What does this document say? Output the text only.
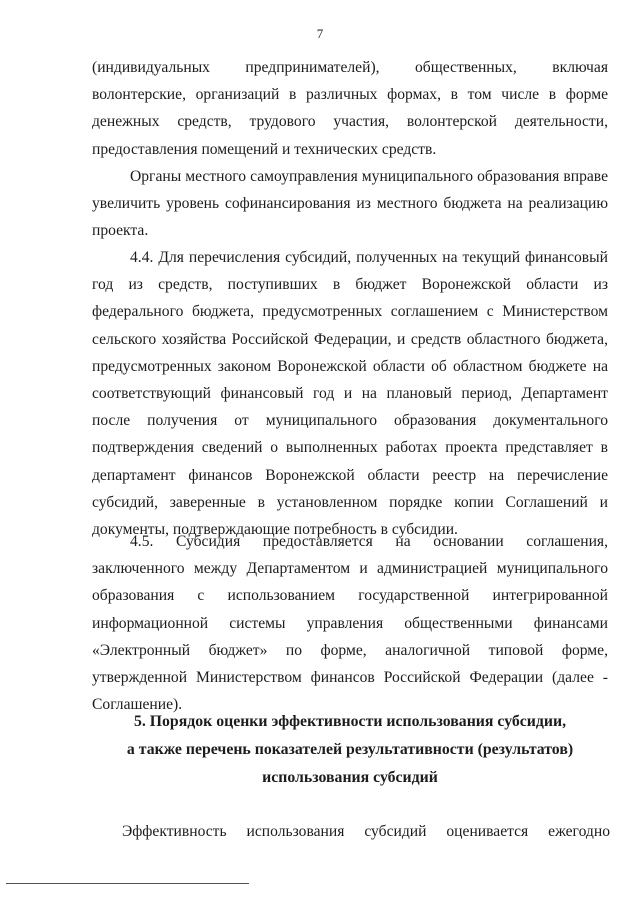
7

(индивидуальных предпринимателей), общественных, включая волонтерские, организаций в различных формах, в том числе в форме денежных средств, трудового участия, волонтерской деятельности, предоставления помещений и технических средств.

Органы местного самоуправления муниципального образования вправе увеличить уровень софинансирования из местного бюджета на реализацию проекта.

4.4. Для перечисления субсидий, полученных на текущий финансовый год из средств, поступивших в бюджет Воронежской области из федерального бюджета, предусмотренных соглашением с Министерством сельского хозяйства Российской Федерации, и средств областного бюджета, предусмотренных законом Воронежской области об областном бюджете на соответствующий финансовый год и на плановый период, Департамент после получения от муниципального образования документального подтверждения сведений о выполненных работах проекта представляет в департамент финансов Воронежской области реестр на перечисление субсидий, заверенные в установленном порядке копии Соглашений и документы, подтверждающие потребность в субсидии.

4.5. Субсидия предоставляется на основании соглашения, заключенного между Департаментом и администрацией муниципального образования с использованием государственной интегрированной информационной системы управления общественными финансами «Электронный бюджет» по форме, аналогичной типовой форме, утвержденной Министерством финансов Российской Федерации (далее - Соглашение).

5. Порядок оценки эффективности использования субсидии,
а также перечень показателей результативности (результатов)
использования субсидий
Эффективность использования субсидий оценивается ежегодно
